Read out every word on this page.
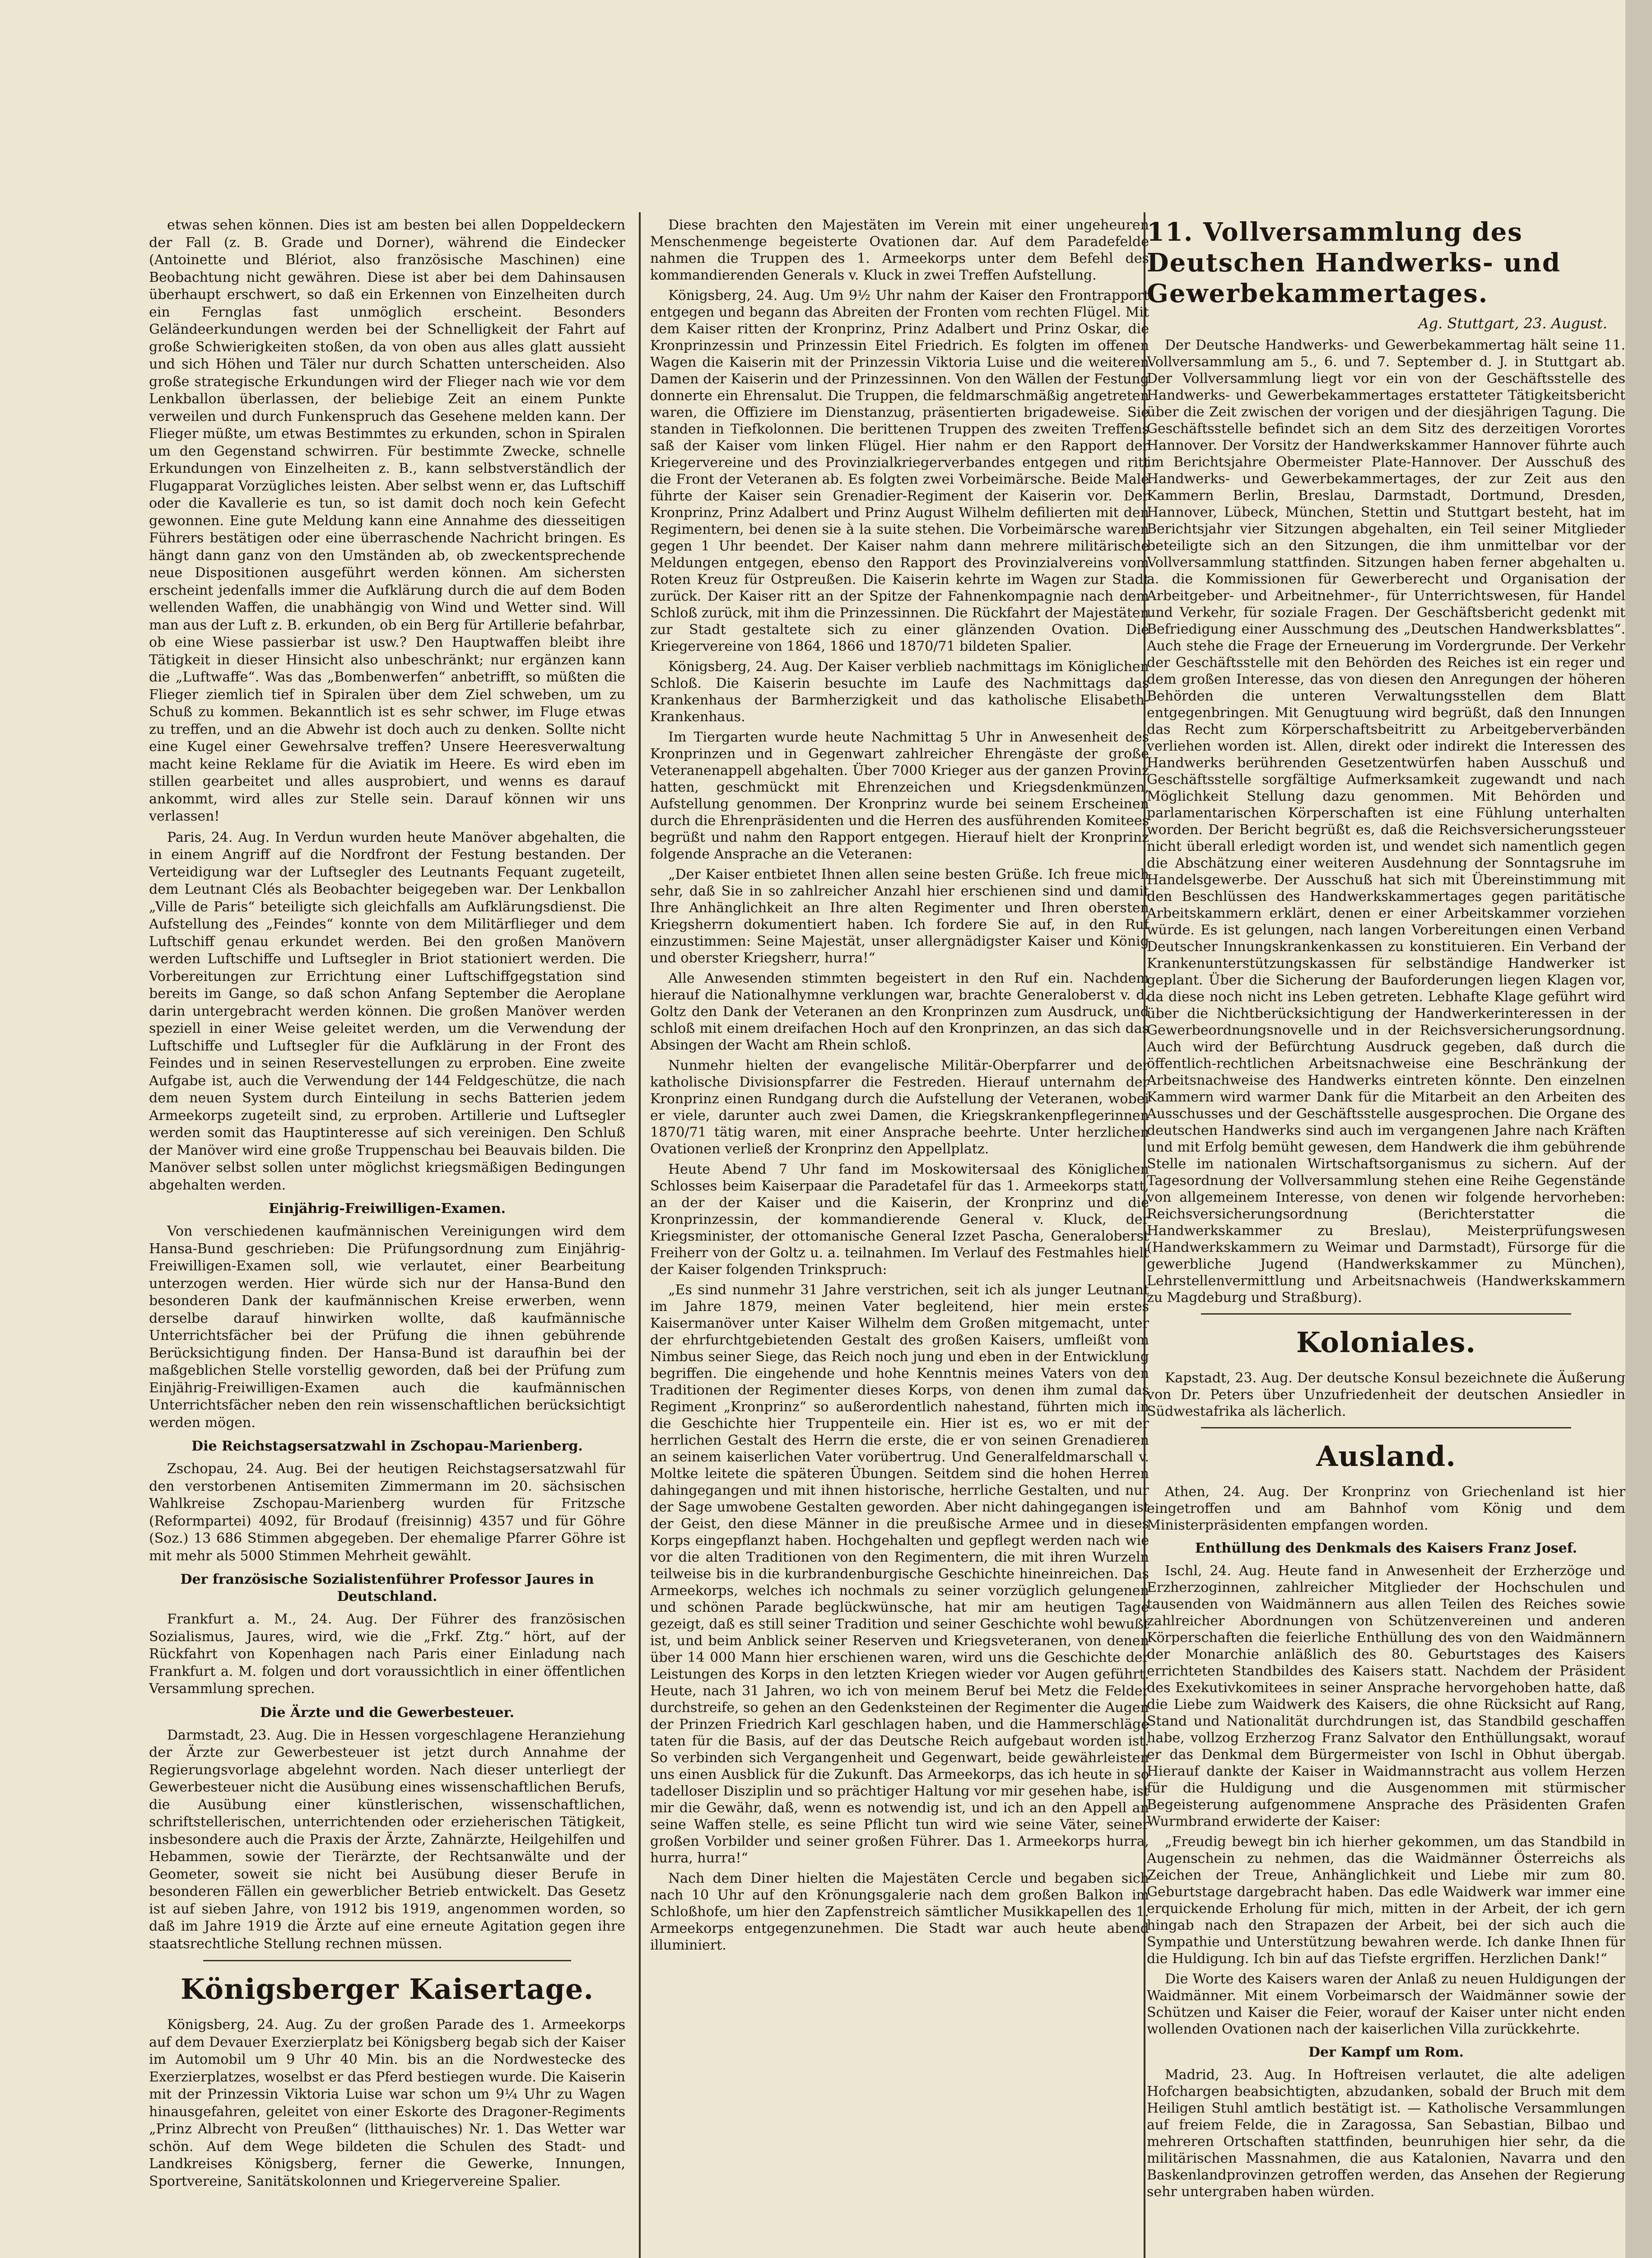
etwas sehen können. Dies ist am besten bei allen Doppeldeckern der Fall (z. B. Grade und Dorner), während die Eindecker (Antoinette und Blériot, also französische Maschinen) eine Beobachtung nicht gewähren. Diese ist aber bei dem Dahinsausen überhaupt erschwert, so daß ein Erkennen von Einzelheiten durch ein Fernglas fast unmöglich erscheint. Besonders Geländeerkundungen werden bei der Schnelligkeit der Fahrt auf große Schwierigkeiten stoßen, da von oben aus alles glatt aussieht und sich Höhen und Täler nur durch Schatten unterscheiden. Also große strategische Erkundungen wird der Flieger nach wie vor dem Lenkballon überlassen, der beliebige Zeit an einem Punkte verweilen und durch Funkenspruch das Gesehene melden kann. Der Flieger müßte, um etwas Bestimmtes zu erkunden, schon in Spiralen um den Gegenstand schwirren. Für bestimmte Zwecke, schnelle Erkundungen von Einzelheiten z. B., kann selbstverständlich der Flugapparat Vorzügliches leisten. Aber selbst wenn er, das Luftschiff oder die Kavallerie es tun, so ist damit doch noch kein Gefecht gewonnen. Eine gute Meldung kann eine Annahme des diesseitigen Führers bestätigen oder eine überraschende Nachricht bringen. Es hängt dann ganz von den Umständen ab, ob zweckentsprechende neue Dispositionen ausgeführt werden können. Am sichersten erscheint jedenfalls immer die Aufklärung durch die auf dem Boden wellenden Waffen, die unabhängig von Wind und Wetter sind. Will man aus der Luft z. B. erkunden, ob ein Berg für Artillerie befahrbar, ob eine Wiese passierbar ist usw.? Den Hauptwaffen bleibt ihre Tätigkeit in dieser Hinsicht also unbeschränkt; nur ergänzen kann die „Luftwaffe“. Was das „Bombenwerfen“ anbetrifft, so müßten die Flieger ziemlich tief in Spiralen über dem Ziel schweben, um zu Schuß zu kommen. Bekanntlich ist es sehr schwer, im Fluge etwas zu treffen, und an die Abwehr ist doch auch zu denken. Sollte nicht eine Kugel einer Gewehrsalve treffen? Unsere Heeresverwaltung macht keine Reklame für die Aviatik im Heere. Es wird eben im stillen gearbeitet und alles ausprobiert, und wenns es darauf ankommt, wird alles zur Stelle sein. Darauf können wir uns verlassen!

Paris, 24. Aug. In Verdun wurden heute Manöver abgehalten, die in einem Angriff auf die Nordfront der Festung bestanden. Der Verteidigung war der Luftsegler des Leutnants Fequant zugeteilt, dem Leutnant Clés als Beobachter beigegeben war. Der Lenkballon „Ville de Paris“ beteiligte sich gleichfalls am Aufklärungsdienst. Die Aufstellung des „Feindes“ konnte von dem Militärflieger und dem Luftschiff genau erkundet werden. Bei den großen Manövern werden Luftschiffe und Luftsegler in Briot stationiert werden. Die Vorbereitungen zur Errichtung einer Luftschiffgegstation sind bereits im Gange, so daß schon Anfang September die Aeroplane darin untergebracht werden können. Die großen Manöver werden speziell in einer Weise geleitet werden, um die Verwendung der Luftschiffe und Luftsegler für die Aufklärung in der Front des Feindes und in seinen Reservestellungen zu erproben. Eine zweite Aufgabe ist, auch die Verwendung der 144 Feldgeschütze, die nach dem neuen System durch Einteilung in sechs Batterien jedem Armeekorps zugeteilt sind, zu erproben. Artillerie und Luftsegler werden somit das Hauptinteresse auf sich vereinigen. Den Schluß der Manöver wird eine große Truppenschau bei Beauvais bilden. Die Manöver selbst sollen unter möglichst kriegsmäßigen Bedingungen abgehalten werden.

Einjährig-Freiwilligen-Examen.

Von verschiedenen kaufmännischen Vereinigungen wird dem Hansa-Bund geschrieben: Die Prüfungsordnung zum Einjährig-Freiwilligen-Examen soll, wie verlautet, einer Bearbeitung unterzogen werden. Hier würde sich nur der Hansa-Bund den besonderen Dank der kaufmännischen Kreise erwerben, wenn derselbe darauf hinwirken wollte, daß kaufmännische Unterrichtsfächer bei der Prüfung die ihnen gebührende Berücksichtigung finden. Der Hansa-Bund ist daraufhin bei der maßgeblichen Stelle vorstellig geworden, daß bei der Prüfung zum Einjährig-Freiwilligen-Examen auch die kaufmännischen Unterrichtsfächer neben den rein wissenschaftlichen berücksichtigt werden mögen.

Die Reichstagsersatzwahl in Zschopau-Marienberg.

Zschopau, 24. Aug. Bei der heutigen Reichstagsersatzwahl für den verstorbenen Antisemiten Zimmermann im 20. sächsischen Wahlkreise Zschopau-Marienberg wurden für Fritzsche (Reformpartei) 4092, für Brodauf (freisinnig) 4357 und für Göhre (Soz.) 13 686 Stimmen abgegeben. Der ehemalige Pfarrer Göhre ist mit mehr als 5000 Stimmen Mehrheit gewählt.

Der französische Sozialistenführer Professor Jaures in Deutschland.

Frankfurt a. M., 24. Aug. Der Führer des französischen Sozialismus, Jaures, wird, wie die „Frkf. Ztg.“ hört, auf der Rückfahrt von Kopenhagen nach Paris einer Einladung nach Frankfurt a. M. folgen und dort voraussichtlich in einer öffentlichen Versammlung sprechen.

Die Ärzte und die Gewerbesteuer.

Darmstadt, 23. Aug. Die in Hessen vorgeschlagene Heranziehung der Ärzte zur Gewerbesteuer ist jetzt durch Annahme der Regierungsvorlage abgelehnt worden. Nach dieser unterliegt der Gewerbesteuer nicht die Ausübung eines wissenschaftlichen Berufs, die Ausübung einer künstlerischen, wissenschaftlichen, schriftstellerischen, unterrichtenden oder erzieherischen Tätigkeit, insbesondere auch die Praxis der Ärzte, Zahnärzte, Heilgehilfen und Hebammen, sowie der Tierärzte, der Rechtsanwälte und der Geometer, soweit sie nicht bei Ausübung dieser Berufe in besonderen Fällen ein gewerblicher Betrieb entwickelt. Das Gesetz ist auf sieben Jahre, von 1912 bis 1919, angenommen worden, so daß im Jahre 1919 die Ärzte auf eine erneute Agitation gegen ihre staatsrechtliche Stellung rechnen müssen.

Königsberger Kaisertage.

Königsberg, 24. Aug. Zu der großen Parade des 1. Armeekorps auf dem Devauer Exerzierplatz bei Königsberg begab sich der Kaiser im Automobil um 9 Uhr 40 Min. bis an die Nordwestecke des Exerzierplatzes, woselbst er das Pferd bestiegen wurde. Die Kaiserin mit der Prinzessin Viktoria Luise war schon um 9¼ Uhr zu Wagen hinausgefahren, geleitet von einer Eskorte des Dragoner-Regiments „Prinz Albrecht von Preußen“ (litthauisches) Nr. 1. Das Wetter war schön. Auf dem Wege bildeten die Schulen des Stadt- und Landkreises Königsberg, ferner die Gewerke, Innungen, Sportvereine, Sanitätskolonnen und Kriegervereine Spalier.

Diese brachten den Majestäten im Verein mit einer ungeheuren Menschenmenge begeisterte Ovationen dar. Auf dem Paradefelde nahmen die Truppen des 1. Armeekorps unter dem Befehl des kommandierenden Generals v. Kluck in zwei Treffen Aufstellung.

Königsberg, 24. Aug. Um 9½ Uhr nahm der Kaiser den Frontrapport entgegen und begann das Abreiten der Fronten vom rechten Flügel. Mit dem Kaiser ritten der Kronprinz, Prinz Adalbert und Prinz Oskar, die Kronprinzessin und Prinzessin Eitel Friedrich. Es folgten im offenen Wagen die Kaiserin mit der Prinzessin Viktoria Luise und die weiteren Damen der Kaiserin und der Prinzessinnen. Von den Wällen der Festung donnerte ein Ehrensalut. Die Truppen, die feldmarschmäßig angetreten waren, die Offiziere im Dienstanzug, präsentierten brigadeweise. Sie standen in Tiefkolonnen. Die berittenen Truppen des zweiten Treffens saß der Kaiser vom linken Flügel. Hier nahm er den Rapport der Kriegervereine und des Provinzialkriegerverbandes entgegen und ritt die Front der Veteranen ab. Es folgten zwei Vorbeimärsche. Beide Male führte der Kaiser sein Grenadier-Regiment der Kaiserin vor. Der Kronprinz, Prinz Adalbert und Prinz August Wilhelm defilierten mit den Regimentern, bei denen sie à la suite stehen. Die Vorbeimärsche waren gegen 1 Uhr beendet. Der Kaiser nahm dann mehrere militärische Meldungen entgegen, ebenso den Rapport des Provinzialvereins vom Roten Kreuz für Ostpreußen. Die Kaiserin kehrte im Wagen zur Stadt zurück. Der Kaiser ritt an der Spitze der Fahnenkompagnie nach dem Schloß zurück, mit ihm die Prinzessinnen. Die Rückfahrt der Majestäten zur Stadt gestaltete sich zu einer glänzenden Ovation. Die Kriegervereine von 1864, 1866 und 1870/71 bildeten Spalier.

Königsberg, 24. Aug. Der Kaiser verblieb nachmittags im Königlichen Schloß. Die Kaiserin besuchte im Laufe des Nachmittags das Krankenhaus der Barmherzigkeit und das katholische Elisabeth-Krankenhaus.

Im Tiergarten wurde heute Nachmittag 5 Uhr in Anwesenheit des Kronprinzen und in Gegenwart zahlreicher Ehrengäste der große Veteranenappell abgehalten. Über 7000 Krieger aus der ganzen Provinz hatten, geschmückt mit Ehrenzeichen und Kriegsdenkmünzen, Aufstellung genommen. Der Kronprinz wurde bei seinem Erscheinen durch die Ehrenpräsidenten und die Herren des ausführenden Komitees begrüßt und nahm den Rapport entgegen. Hierauf hielt der Kronprinz folgende Ansprache an die Veteranen:

„Der Kaiser entbietet Ihnen allen seine besten Grüße. Ich freue mich sehr, daß Sie in so zahlreicher Anzahl hier erschienen sind und damit Ihre Anhänglichkeit an Ihre alten Regimenter und Ihren obersten Kriegsherrn dokumentiert haben. Ich fordere Sie auf, in den Ruf einzustimmen: Seine Majestät, unser allergnädigster Kaiser und König und oberster Kriegsherr, hurra!“

Alle Anwesenden stimmten begeistert in den Ruf ein. Nachdem hierauf die Nationalhymne verklungen war, brachte Generaloberst v. d. Goltz den Dank der Veteranen an den Kronprinzen zum Ausdruck, und schloß mit einem dreifachen Hoch auf den Kronprinzen, an das sich das Absingen der Wacht am Rhein schloß.

Nunmehr hielten der evangelische Militär-Oberpfarrer und der katholische Divisionspfarrer die Festreden. Hierauf unternahm der Kronprinz einen Rundgang durch die Aufstellung der Veteranen, wobei er viele, darunter auch zwei Damen, die Kriegskrankenpflegerinnen 1870/71 tätig waren, mit einer Ansprache beehrte. Unter herzlichen Ovationen verließ der Kronprinz den Appellplatz.

Heute Abend 7 Uhr fand im Moskowitersaal des Königlichen Schlosses beim Kaiserpaar die Paradetafel für das 1. Armeekorps statt, an der der Kaiser und die Kaiserin, der Kronprinz und die Kronprinzessin, der kommandierende General v. Kluck, der Kriegsminister, der ottomanische General Izzet Pascha, Generaloberst Freiherr von der Goltz u. a. teilnahmen. Im Verlauf des Festmahles hielt der Kaiser folgenden Trinkspruch:

„Es sind nunmehr 31 Jahre verstrichen, seit ich als junger Leutnant im Jahre 1879, meinen Vater begleitend, hier mein erstes Kaisermanöver unter Kaiser Wilhelm dem Großen mitgemacht, unter der ehrfurchtgebietenden Gestalt des großen Kaisers, umfleißt vom Nimbus seiner Siege, das Reich noch jung und eben in der Entwicklung begriffen. Die eingehende und hohe Kenntnis meines Vaters von den Traditionen der Regimenter dieses Korps, von denen ihm zumal das Regiment „Kronprinz“ so außerordentlich nahestand, führten mich in die Geschichte hier Truppenteile ein. Hier ist es, wo er mit der herrlichen Gestalt des Herrn die erste, die er von seinen Grenadieren an seinem kaiserlichen Vater vorübertrug. Und Generalfeldmarschall v. Moltke leitete die späteren Übungen. Seitdem sind die hohen Herren dahingegangen und mit ihnen historische, herrliche Gestalten, und nur der Sage umwobene Gestalten geworden. Aber nicht dahingegangen ist der Geist, den diese Männer in die preußische Armee und in dieses Korps eingepflanzt haben. Hochgehalten und gepflegt werden nach wie vor die alten Traditionen von den Regimentern, die mit ihren Wurzeln teilweise bis in die kurbrandenburgische Geschichte hineinreichen. Das Armeekorps, welches ich nochmals zu seiner vorzüglich gelungenen und schönen Parade beglückwünsche, hat mir am heutigen Tage gezeigt, daß es still seiner Tradition und seiner Geschichte wohl bewußt ist, und beim Anblick seiner Reserven und Kriegsveteranen, von denen über 14 000 Mann hier erschienen waren, wird uns die Geschichte der Leistungen des Korps in den letzten Kriegen wieder vor Augen geführt. Heute, nach 31 Jahren, wo ich von meinem Beruf bei Metz die Felder durchstreife, so gehen an den Gedenksteinen der Regimenter die Augen der Prinzen Friedrich Karl geschlagen haben, und die Hammerschläge taten für die Basis, auf der das Deutsche Reich aufgebaut worden ist. So verbinden sich Vergangenheit und Gegenwart, beide gewährleisten uns einen Ausblick für die Zukunft. Das Armeekorps, das ich heute in so tadelloser Disziplin und so prächtiger Haltung vor mir gesehen habe, ist mir die Gewähr, daß, wenn es notwendig ist, und ich an den Appell an seine Waffen stelle, es seine Pflicht tun wird wie seine Väter, seiner großen Vorbilder und seiner großen Führer. Das 1. Armeekorps hurra, hurra, hurra!“

Nach dem Diner hielten die Majestäten Cercle und begaben sich nach 10 Uhr auf den Krönungsgalerie nach dem großen Balkon im Schloßhofe, um hier den Zapfenstreich sämtlicher Musikkapellen des 1. Armeekorps entgegenzunehmen. Die Stadt war auch heute abend illuminiert.

11. Vollversammlung des Deutschen Handwerks- und Gewerbekammertages.
Ag. Stuttgart, 23. August.

Der Deutsche Handwerks- und Gewerbekammertag hält seine 11. Vollversammlung am 5., 6. und 7. September d. J. in Stuttgart ab. Der Vollversammlung liegt vor ein von der Geschäftsstelle des Handwerks- und Gewerbekammertages erstatteter Tätigkeitsbericht über die Zeit zwischen der vorigen und der diesjährigen Tagung. Die Geschäftsstelle befindet sich an dem Sitz des derzeitigen Vorortes Hannover. Der Vorsitz der Handwerkskammer Hannover führte auch im Berichtsjahre Obermeister Plate-Hannover. Der Ausschuß des Handwerks- und Gewerbekammertages, der zur Zeit aus den Kammern Berlin, Breslau, Darmstadt, Dortmund, Dresden, Hannover, Lübeck, München, Stettin und Stuttgart besteht, hat im Berichtsjahr vier Sitzungen abgehalten, ein Teil seiner Mitglieder beteiligte sich an den Sitzungen, die ihm unmittelbar vor der Vollversammlung stattfinden. Sitzungen haben ferner abgehalten u. a. die Kommissionen für Gewerberecht und Organisation der Arbeitgeber- und Arbeitnehmer-, für Unterrichtswesen, für Handel und Verkehr, für soziale Fragen. Der Geschäftsbericht gedenkt mit Befriedigung einer Ausschmung des „Deutschen Handwerksblattes“. Auch stehe die Frage der Erneuerung im Vordergrunde. Der Verkehr der Geschäftsstelle mit den Behörden des Reiches ist ein reger und dem großen Interesse, das von diesen den Anregungen der höheren Behörden die unteren Verwaltungsstellen dem Blatt entgegenbringen. Mit Genugtuung wird begrüßt, daß den Innungen das Recht zum Körperschaftsbeitritt zu Arbeitgeberverbänden verliehen worden ist. Allen, direkt oder indirekt die Interessen des Handwerks berührenden Gesetzentwürfen haben Ausschuß und Geschäftsstelle sorgfältige Aufmerksamkeit zugewandt und nach Möglichkeit Stellung dazu genommen. Mit Behörden und parlamentarischen Körperschaften ist eine Fühlung unterhalten worden. Der Bericht begrüßt es, daß die Reichsversicherungssteuer nicht überall erledigt worden ist, und wendet sich namentlich gegen die Abschätzung einer weiteren Ausdehnung der Sonntagsruhe im Handelsgewerbe. Der Ausschuß hat sich mit Übereinstimmung mit den Beschlüssen des Handwerkskammertages gegen paritätische Arbeitskammern erklärt, denen er einer Arbeitskammer vorziehen würde. Es ist gelungen, nach langen Vorbereitungen einen Verband Deutscher Innungskrankenkassen zu konstituieren. Ein Verband der Krankenunterstützungskassen für selbständige Handwerker ist geplant. Über die Sicherung der Bauforderungen liegen Klagen vor, da diese noch nicht ins Leben getreten. Lebhafte Klage geführt wird über die Nichtberücksichtigung der Handwerkerinteressen in der Gewerbeordnungsnovelle und in der Reichsversicherungsordnung. Auch wird der Befürchtung Ausdruck gegeben, daß durch die öffentlich-rechtlichen Arbeitsnachweise eine Beschränkung der Arbeitsnachweise des Handwerks eintreten könnte. Den einzelnen Kammern wird warmer Dank für die Mitarbeit an den Arbeiten des Ausschusses und der Geschäftsstelle ausgesprochen. Die Organe des deutschen Handwerks sind auch im vergangenen Jahre nach Kräften und mit Erfolg bemüht gewesen, dem Handwerk die ihm gebührende Stelle im nationalen Wirtschaftsorganismus zu sichern. Auf der Tagesordnung der Vollversammlung stehen eine Reihe Gegenstände von allgemeinem Interesse, von denen wir folgende hervorheben: Reichsversicherungsordnung (Berichterstatter die Handwerkskammer zu Breslau), Meisterprüfungswesen (Handwerkskammern zu Weimar und Darmstadt), Fürsorge für die gewerbliche Jugend (Handwerkskammer zu München), Lehrstellenvermittlung und Arbeitsnachweis (Handwerkskammern zu Magdeburg und Straßburg).

Koloniales.

Kapstadt, 23. Aug. Der deutsche Konsul bezeichnete die Äußerung von Dr. Peters über Unzufriedenheit der deutschen Ansiedler in Südwestafrika als lächerlich.

Ausland.

Athen, 24. Aug. Der Kronprinz von Griechenland ist hier eingetroffen und am Bahnhof vom König und dem Ministerpräsidenten empfangen worden.

Enthüllung des Denkmals des Kaisers Franz Josef.

Ischl, 24. Aug. Heute fand in Anwesenheit der Erzherzöge und Erzherzoginnen, zahlreicher Mitglieder der Hochschulen und tausenden von Waidmännern aus allen Teilen des Reiches sowie zahlreicher Abordnungen von Schützenvereinen und anderen Körperschaften die feierliche Enthüllung des von den Waidmännern der Monarchie anläßlich des 80. Geburtstages des Kaisers errichteten Standbildes des Kaisers statt. Nachdem der Präsident des Exekutivkomitees in seiner Ansprache hervorgehoben hatte, daß die Liebe zum Waidwerk des Kaisers, die ohne Rücksicht auf Rang, Stand und Nationalität durchdrungen ist, das Standbild geschaffen habe, vollzog Erzherzog Franz Salvator den Enthüllungsakt, worauf er das Denkmal dem Bürgermeister von Ischl in Obhut übergab. Hierauf dankte der Kaiser in Waidmannstracht aus vollem Herzen für die Huldigung und die Ausgenommen mit stürmischer Begeisterung aufgenommene Ansprache des Präsidenten Grafen Wurmbrand erwiderte der Kaiser:

„Freudig bewegt bin ich hierher gekommen, um das Standbild in Augenschein zu nehmen, das die Waidmänner Österreichs als Zeichen der Treue, Anhänglichkeit und Liebe mir zum 80. Geburtstage dargebracht haben. Das edle Waidwerk war immer eine erquickende Erholung für mich, mitten in der Arbeit, der ich gern hingab nach den Strapazen der Arbeit, bei der sich auch die Sympathie und Unterstützung bewahren werde. Ich danke Ihnen für die Huldigung. Ich bin auf das Tiefste ergriffen. Herzlichen Dank!“

Die Worte des Kaisers waren der Anlaß zu neuen Huldigungen der Waidmänner. Mit einem Vorbeimarsch der Waidmänner sowie der Schützen und Kaiser die Feier, worauf der Kaiser unter nicht enden wollenden Ovationen nach der kaiserlichen Villa zurückkehrte.

Der Kampf um Rom.

Madrid, 23. Aug. In Hoftreisen verlautet, die alte adeligen Hofchargen beabsichtigten, abzudanken, sobald der Bruch mit dem Heiligen Stuhl amtlich bestätigt ist. — Katholische Versammlungen auf freiem Felde, die in Zaragossa, San Sebastian, Bilbao und mehreren Ortschaften stattfinden, beunruhigen hier sehr, da die militärischen Massnahmen, die aus Katalonien, Navarra und den Baskenlandprovinzen getroffen werden, das Ansehen der Regierung sehr untergraben haben würden.
